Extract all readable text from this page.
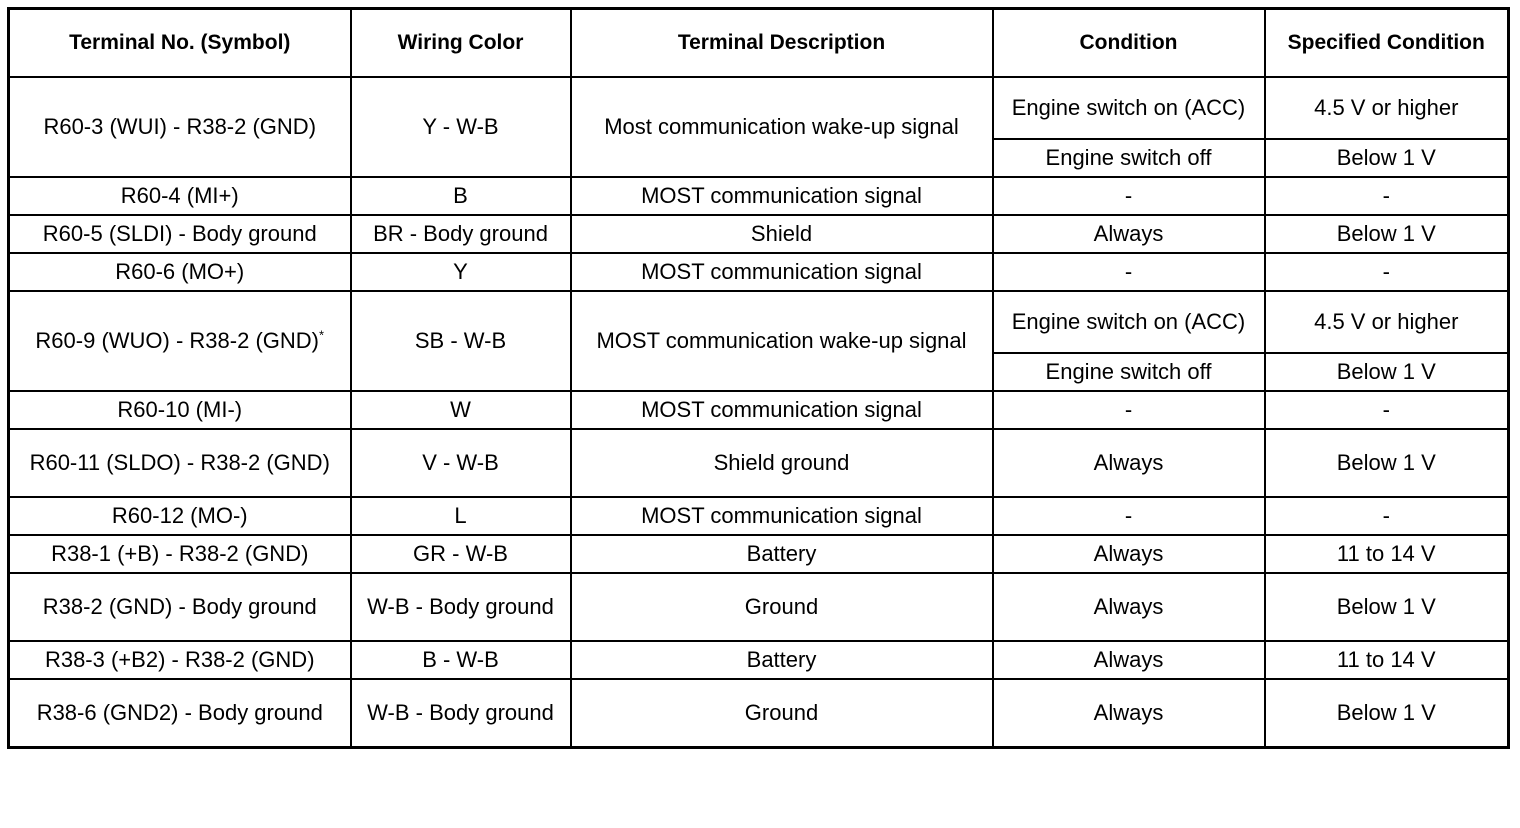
Terminal No. (Symbol)	Wiring Color	Terminal Description	Condition	Specified Condition
R60-3 (WUI) - R38-2 (GND)	Y - W-B	Most communication wake-up signal	Engine switch on (ACC)	4.5 V or higher
			Engine switch off	Below 1 V
R60-4 (MI+)	B	MOST communication signal	-	-
R60-5 (SLDI) - Body ground	BR - Body ground	Shield	Always	Below 1 V
R60-6 (MO+)	Y	MOST communication signal	-	-
R60-9 (WUO) - R38-2 (GND)*	SB - W-B	MOST communication wake-up signal	Engine switch on (ACC)	4.5 V or higher
			Engine switch off	Below 1 V
R60-10 (MI-)	W	MOST communication signal	-	-
R60-11 (SLDO) - R38-2 (GND)	V - W-B	Shield ground	Always	Below 1 V
R60-12 (MO-)	L	MOST communication signal	-	-
R38-1 (+B) - R38-2 (GND)	GR - W-B	Battery	Always	11 to 14 V
R38-2 (GND) - Body ground	W-B - Body ground	Ground	Always	Below 1 V
R38-3 (+B2) - R38-2 (GND)	B - W-B	Battery	Always	11 to 14 V
R38-6 (GND2) - Body ground	W-B - Body ground	Ground	Always	Below 1 V
